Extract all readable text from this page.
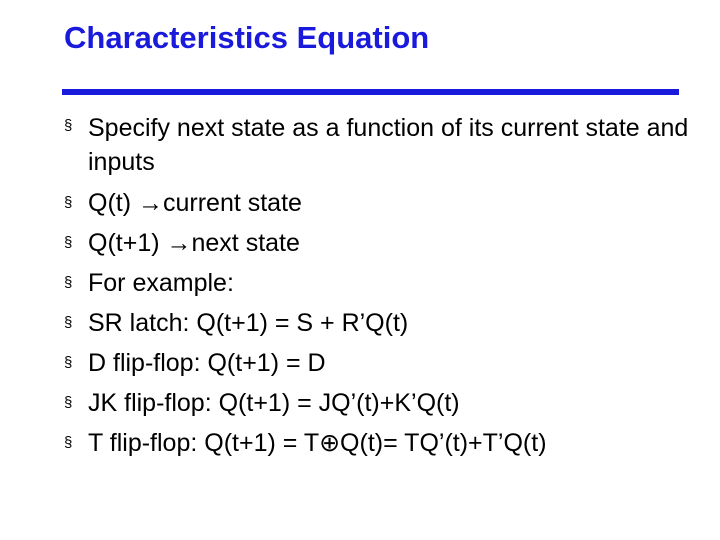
Characteristics Equation
§ Specify next state as a function of its current state and inputs
§ Q(t) →current state
§ Q(t+1) →next state
§ For example:
§ SR latch: Q(t+1) = S + R’Q(t)
§ D flip-flop: Q(t+1) = D
§ JK flip-flop: Q(t+1) = JQ’(t)+K’Q(t)
§ T flip-flop: Q(t+1) = T⊕Q(t)= TQ’(t)+T’Q(t)
